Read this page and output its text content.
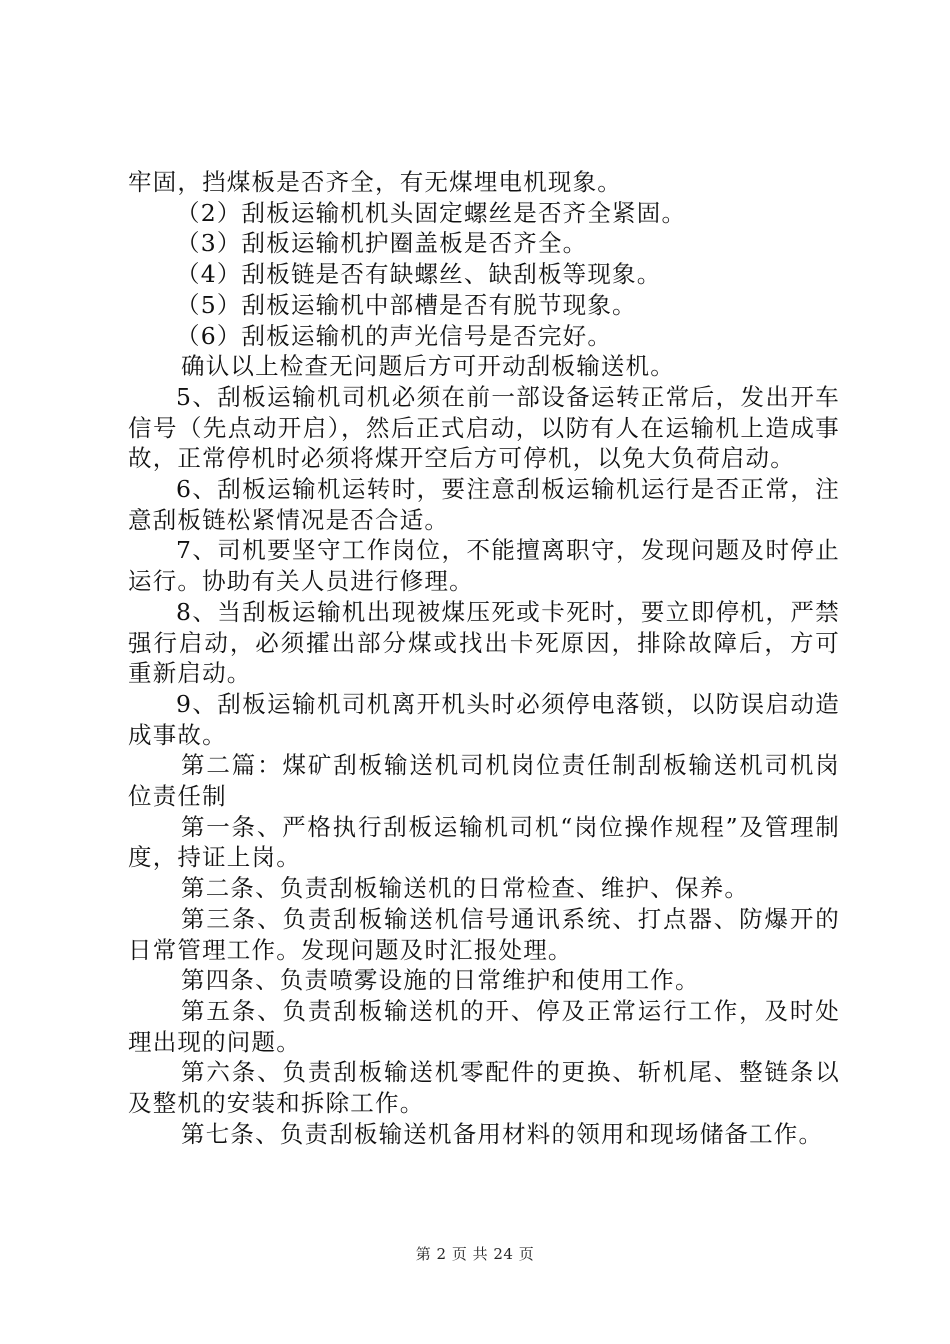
牢固，挡煤板是否齐全，有无煤埋电机现象。

（2）刮板运输机机头固定螺丝是否齐全紧固。

（3）刮板运输机护圈盖板是否齐全。

（4）刮板链是否有缺螺丝、缺刮板等现象。

（5）刮板运输机中部槽是否有脱节现象。

（6）刮板运输机的声光信号是否完好。

确认以上检查无问题后方可开动刮板输送机。

5、刮板运输机司机必须在前一部设备运转正常后，发出开车信号（先点动开启），然后正式启动，以防有人在运输机上造成事故，正常停机时必须将煤开空后方可停机，以免大负荷启动。

6、刮板运输机运转时，要注意刮板运输机运行是否正常，注意刮板链松紧情况是否合适。

7、司机要坚守工作岗位，不能擅离职守，发现问题及时停止运行。协助有关人员进行修理。

8、当刮板运输机出现被煤压死或卡死时，要立即停机，严禁强行启动，必须攉出部分煤或找出卡死原因，排除故障后，方可重新启动。

9、刮板运输机司机离开机头时必须停电落锁，以防误启动造成事故。

第二篇：煤矿刮板输送机司机岗位责任制刮板输送机司机岗位责任制

第一条、严格执行刮板运输机司机“岗位操作规程”及管理制度，持证上岗。

第二条、负责刮板输送机的日常检查、维护、保养。

第三条、负责刮板输送机信号通讯系统、打点器、防爆开的日常管理工作。发现问题及时汇报处理。

第四条、负责喷雾设施的日常维护和使用工作。

第五条、负责刮板输送机的开、停及正常运行工作，及时处理出现的问题。

第六条、负责刮板输送机零配件的更换、斩机尾、整链条以及整机的安装和拆除工作。

第七条、负责刮板输送机备用材料的领用和现场储备工作。

第 2 页 共 24 页
